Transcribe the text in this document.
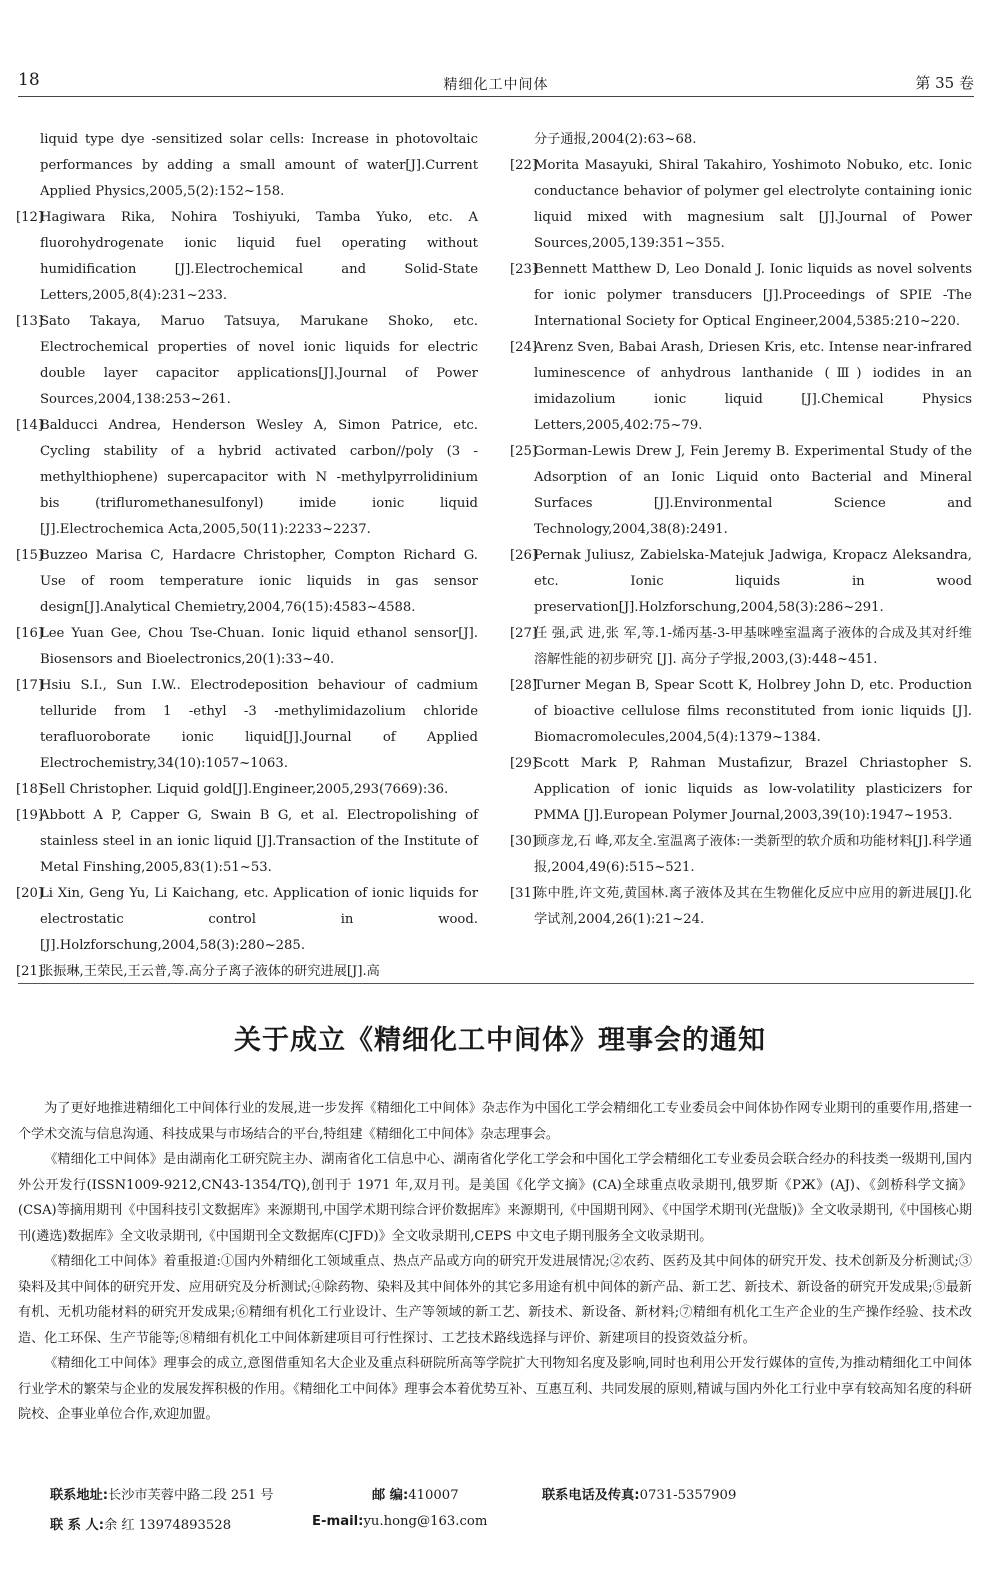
18	精细化工中间体	第 35 卷
liquid type dye -sensitized solar cells: Increase in photovoltaic performances by adding a small amount of water[J].Current Applied Physics,2005,5(2):152~158.
[12]
Hagiwara Rika, Nohira Toshiyuki, Tamba Yuko, etc. A fluorohydrogenate ionic liquid fuel operating without humidification [J].Electrochemical and Solid-State Letters,2005,8(4):231~233.
[13]
Sato Takaya, Maruo Tatsuya, Marukane Shoko, etc. Electrochemical properties of novel ionic liquids for electric double layer capacitor applications[J].Journal of Power Sources,2004,138:253~261.
[14]
Balducci Andrea, Henderson Wesley A, Simon Patrice, etc. Cycling stability of a hybrid activated carbon//poly (3 -methylthiophene) supercapacitor with N -methylpyrrolidinium bis (trifluromethanesulfonyl) imide ionic liquid [J].Electrochemica Acta,2005,50(11):2233~2237.
[15]
Buzzeo Marisa C, Hardacre Christopher, Compton Richard G. Use of room temperature ionic liquids in gas sensor design[J].Analytical Chemietry,2004,76(15):4583~4588.
[16]
Lee Yuan Gee, Chou Tse-Chuan. Ionic liquid ethanol sensor[J]. Biosensors and Bioelectronics,20(1):33~40.
[17]
Hsiu S.I., Sun I.W.. Electrodeposition behaviour of cadmium telluride from 1 -ethyl -3 -methylimidazolium chloride terafluoroborate ionic liquid[J].Journal of Applied Electrochemistry,34(10):1057~1063.
[18]
Sell Christopher. Liquid gold[J].Engineer,2005,293(7669):36.
[19]
Abbott A P, Capper G, Swain B G, et al. Electropolishing of stainless steel in an ionic liquid [J].Transaction of the Institute of Metal Finshing,2005,83(1):51~53.
[20]
Li Xin, Geng Yu, Li Kaichang, etc. Application of ionic liquids for electrostatic control in wood. [J].Holzforschung,2004,58(3):280~285.
[21]
张振琳,王荣民,王云普,等.高分子离子液体的研究进展[J].高
分子通报,2004(2):63~68.
[22]
Morita Masayuki, Shiral Takahiro, Yoshimoto Nobuko, etc. Ionic conductance behavior of polymer gel electrolyte containing ionic liquid mixed with magnesium salt [J].Journal of Power Sources,2005,139:351~355.
[23]
Bennett Matthew D, Leo Donald J. Ionic liquids as novel solvents for ionic polymer transducers [J].Proceedings of SPIE -The International Society for Optical Engineer,2004,5385:210~220.
[24]
Arenz Sven, Babai Arash, Driesen Kris, etc. Intense near-infrared luminescence of anhydrous lanthanide (Ⅲ) iodides in an imidazolium ionic liquid [J].Chemical Physics Letters,2005,402:75~79.
[25]
Gorman-Lewis Drew J, Fein Jeremy B. Experimental Study of the Adsorption of an Ionic Liquid onto Bacterial and Mineral Surfaces [J].Environmental Science and Technology,2004,38(8):2491.
[26]
Pernak Juliusz, Zabielska-Matejuk Jadwiga, Kropacz Aleksandra, etc. Ionic liquids in wood preservation[J].Holzforschung,2004,58(3):286~291.
[27]
任 强,武 进,张 军,等.1-烯丙基-3-甲基咪唑室温离子液体的合成及其对纤维溶解性能的初步研究 [J]. 高分子学报,2003,(3):448~451.
[28]
Turner Megan B, Spear Scott K, Holbrey John D, etc. Production of bioactive cellulose films reconstituted from ionic liquids [J]. Biomacromolecules,2004,5(4):1379~1384.
[29]
Scott Mark P, Rahman Mustafizur, Brazel Chriastopher S. Application of ionic liquids as low-volatility plasticizers for PMMA [J].European Polymer Journal,2003,39(10):1947~1953.
[30]
顾彦龙,石 峰,邓友全.室温离子液体:一类新型的软介质和功能材料[J].科学通报,2004,49(6):515~521.
[31]
陈中胜,许文苑,黄国林.离子液体及其在生物催化反应中应用的新进展[J].化学试剂,2004,26(1):21~24.
关于成立《精细化工中间体》理事会的通知

为了更好地推进精细化工中间体行业的发展,进一步发挥《精细化工中间体》杂志作为中国化工学会精细化工专业委员会中间体协作网专业期刊的重要作用,搭建一个学术交流与信息沟通、科技成果与市场结合的平台,特组建《精细化工中间体》杂志理事会。

《精细化工中间体》是由湖南化工研究院主办、湖南省化工信息中心、湖南省化学化工学会和中国化工学会精细化工专业委员会联合经办的科技类一级期刊,国内外公开发行(ISSN1009-9212,CN43-1354/TQ),创刊于 1971 年,双月刊。是美国《化学文摘》(CA)全球重点收录期刊,俄罗斯《PЖ》(AJ)、《剑桥科学文摘》(CSA)等摘用期刊《中国科技引文数据库》来源期刊,中国学术期刊综合评价数据库》来源期刊,《中国期刊网》、《中国学术期刊(光盘版)》全文收录期刊,《中国核心期刊(遴选)数据库》全文收录期刊,《中国期刊全文数据库(CJFD)》全文收录期刊,CEPS 中文电子期刊服务全文收录期刊。

《精细化工中间体》着重报道:①国内外精细化工领域重点、热点产品或方向的研究开发进展情况;②农药、医药及其中间体的研究开发、技术创新及分析测试;③染料及其中间体的研究开发、应用研究及分析测试;④除药物、染料及其中间体外的其它多用途有机中间体的新产品、新工艺、新技术、新设备的研究开发成果;⑤最新有机、无机功能材料的研究开发成果;⑥精细有机化工行业设计、生产等领域的新工艺、新技术、新设备、新材料;⑦精细有机化工生产企业的生产操作经验、技术改造、化工环保、生产节能等;⑧精细有机化工中间体新建项目可行性探讨、工艺技术路线选择与评价、新建项目的投资效益分析。

《精细化工中间体》理事会的成立,意图借重知名大企业及重点科研院所高等学院扩大刊物知名度及影响,同时也利用公开发行媒体的宣传,为推动精细化工中间体行业学术的繁荣与企业的发展发挥积极的作用。《精细化工中间体》理事会本着优势互补、互惠互利、共同发展的原则,精诚与国内外化工行业中享有较高知名度的科研院校、企事业单位合作,欢迎加盟。

联系地址:长沙市芙蓉中路二段 251 号	邮 编:410007	联系电话及传真:0731-5357909
联 系 人:余 红 13974893528	E-mail:yu.hong@163.com
